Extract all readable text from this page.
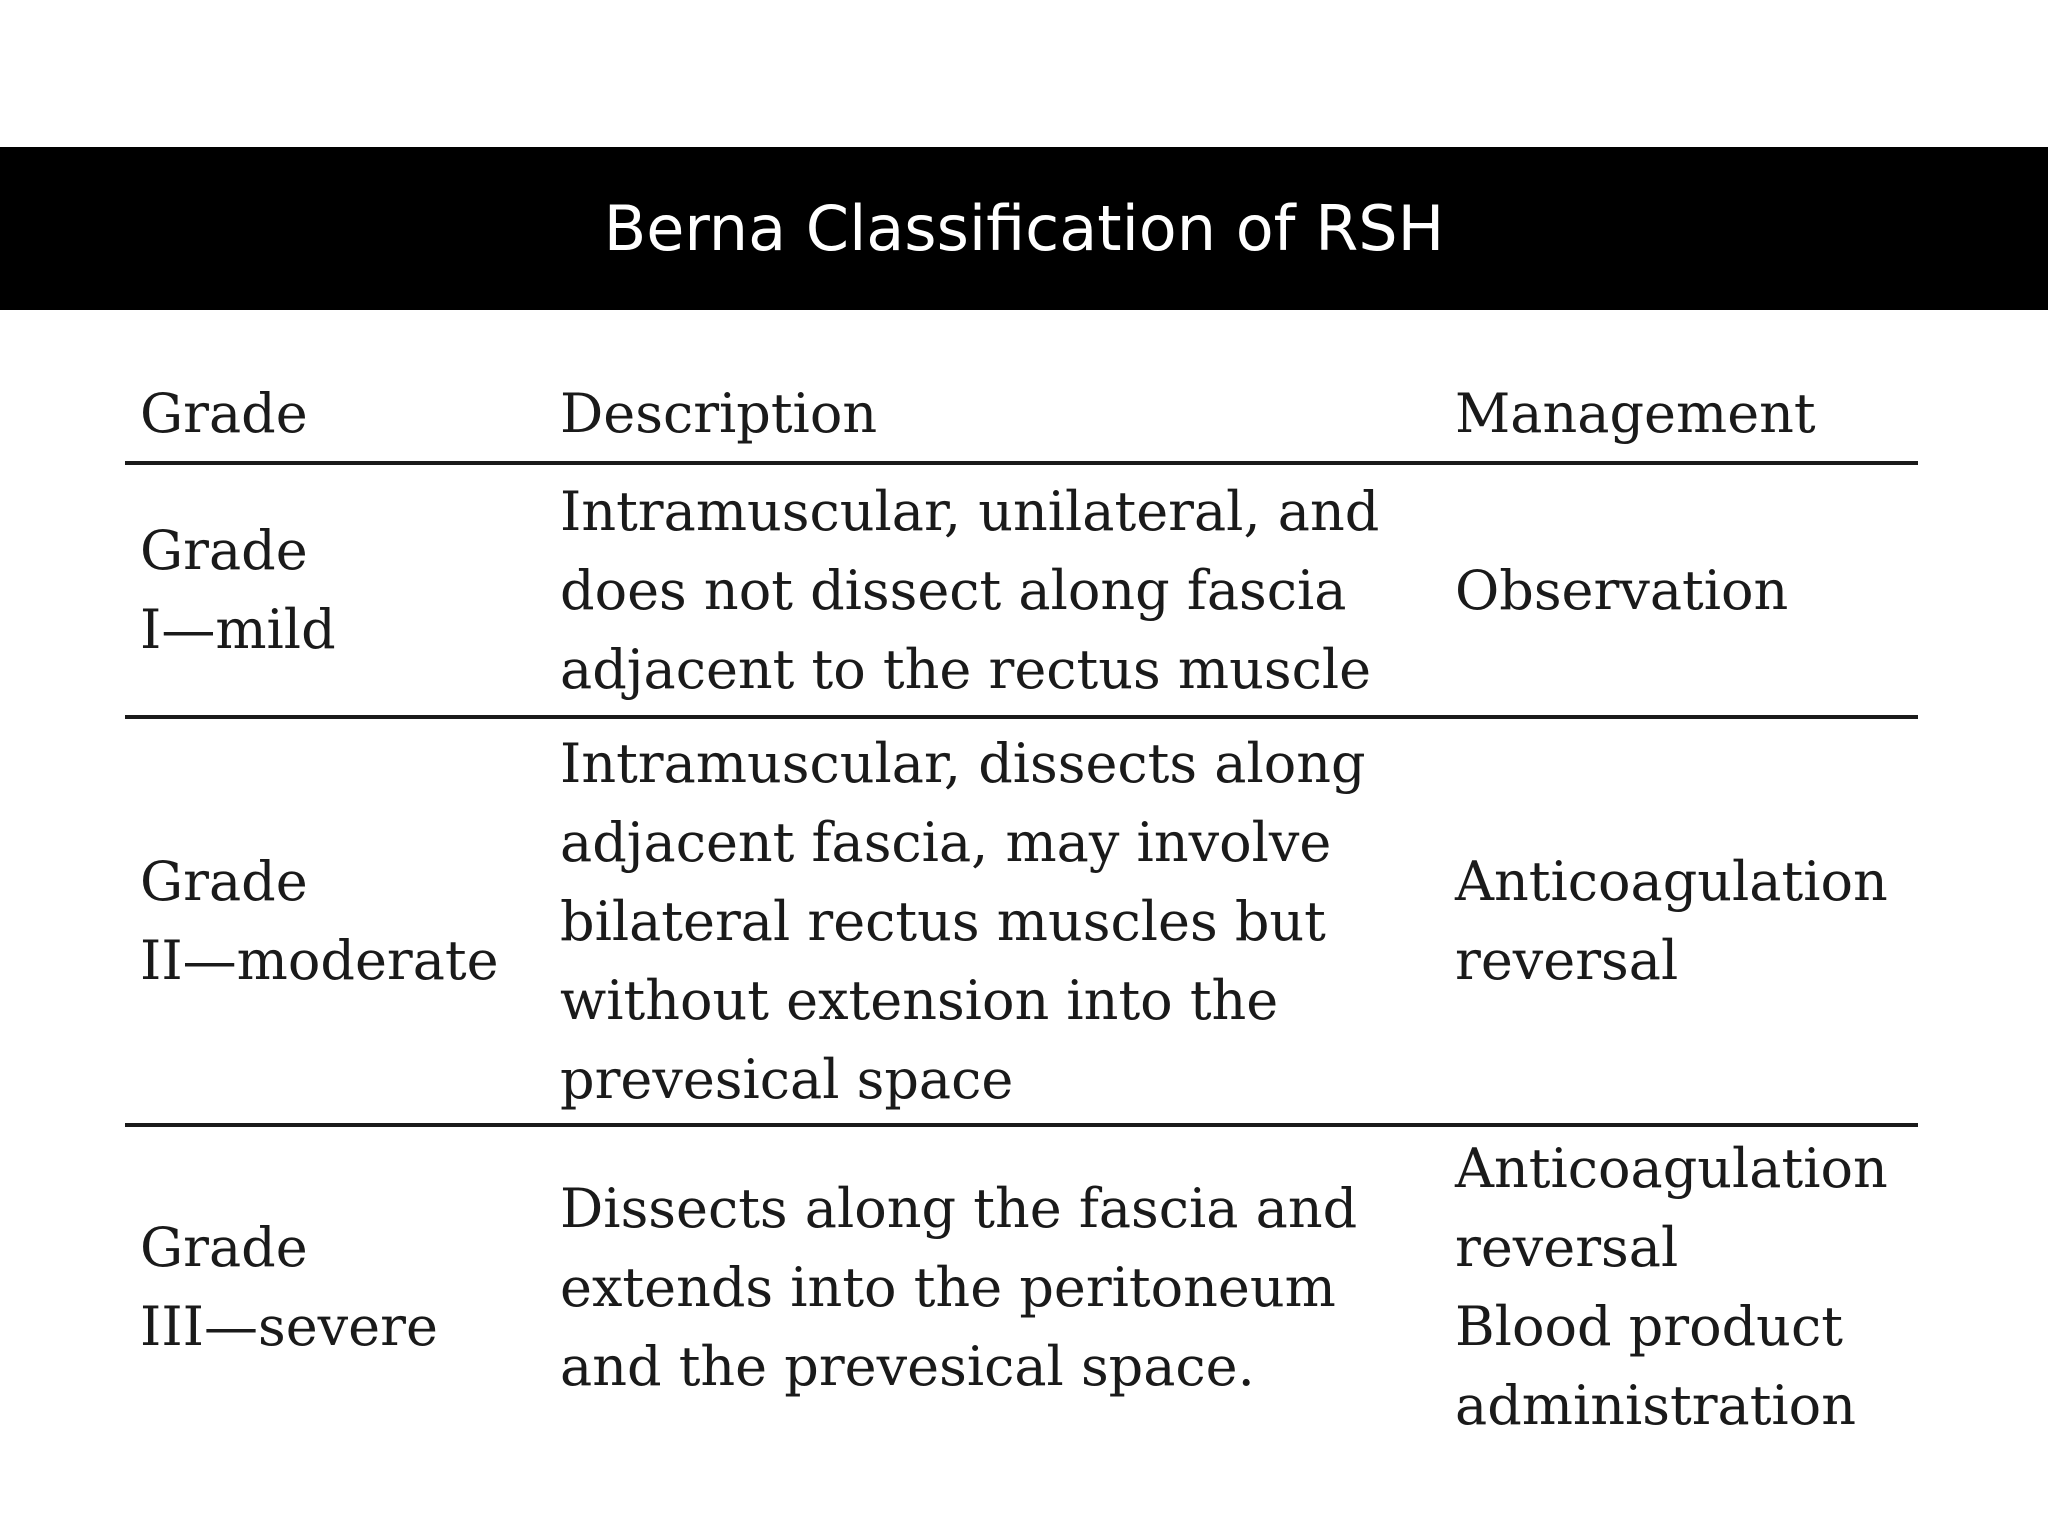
Berna Classification of RSH
Grade	Description	Management
Grade
I—mild
Intramuscular, unilateral, and
does not dissect along fascia
adjacent to the rectus muscle
Observation
Grade
II—moderate
Intramuscular, dissects along
adjacent fascia, may involve
bilateral rectus muscles but
without extension into the
prevesical space
Anticoagulation
reversal
Grade
III—severe
Dissects along the fascia and
extends into the peritoneum
and the prevesical space.
Anticoagulation
reversal
Blood product
administration
